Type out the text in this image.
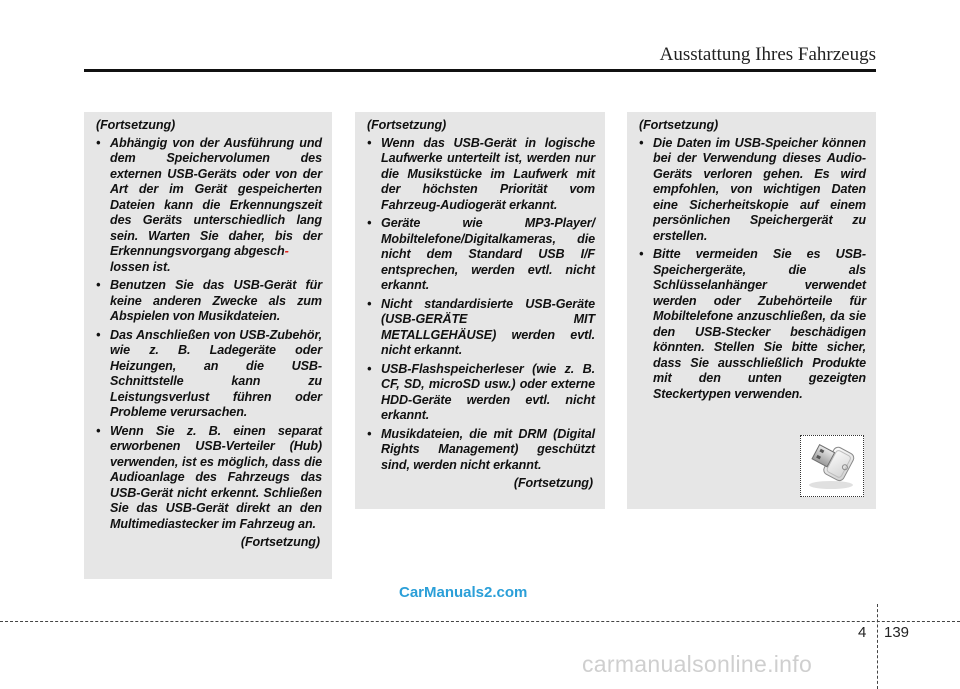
Ausstattung Ihres Fahrzeugs

(Fortsetzung)

• Abhängig von der Ausführung und dem Speichervolumen des externen USB-Geräts oder von der Art der im Gerät gespeicherten Dateien kann die Erkennungszeit des Geräts unterschiedlich lang sein. Warten Sie daher, bis der Erkennungsvorgang abgesch-
lossen ist.
• Benutzen Sie das USB-Gerät für keine anderen Zwecke als zum Abspielen von Musikdateien.
• Das Anschließen von USB-Zubehör, wie z. B. Ladegeräte oder Heizungen, an die USB-Schnittstelle kann zu Leistungsverlust führen oder Probleme verursachen.
• Wenn Sie z. B. einen separat erworbenen USB-Verteiler (Hub) verwenden, ist es möglich, dass die Audioanlage des Fahrzeugs das USB-Gerät nicht erkennt. Schließen Sie das USB-Gerät direkt an den Multimediastecker im Fahrzeug an.

(Fortsetzung)

(Fortsetzung)

• Wenn das USB-Gerät in logische Laufwerke unterteilt ist, werden nur die Musikstücke im Laufwerk mit der höchsten Priorität vom Fahrzeug-Audiogerät erkannt.
• Geräte wie MP3-Player/ Mobiltelefone/Digitalkameras, die nicht dem Standard USB I/F entsprechen, werden evtl. nicht erkannt.
• Nicht standardisierte USB-Geräte (USB-GERÄTE MIT METALLGEHÄUSE) werden evtl. nicht erkannt.
• USB-Flashspeicherleser (wie z. B. CF, SD, microSD usw.) oder externe HDD-Geräte werden evtl. nicht erkannt.
• Musikdateien, die mit DRM (Digital Rights Management) geschützt sind, werden nicht erkannt.

(Fortsetzung)

(Fortsetzung)

• Die Daten im USB-Speicher können bei der Verwendung dieses Audio-Geräts verloren gehen. Es wird empfohlen, von wichtigen Daten eine Sicherheitskopie auf einem persönlichen Speichergerät zu erstellen.
• Bitte vermeiden Sie es USB-Speichergeräte, die als Schlüsselanhänger verwendet werden oder Zubehörteile für Mobiltelefone anzuschließen, da sie den USB-Stecker beschädigen könnten. Stellen Sie bitte sicher, dass Sie ausschließlich Produkte mit den unten gezeigten Steckertypen verwenden.
CarManuals2.com
4 139
carmanualsonline.info
